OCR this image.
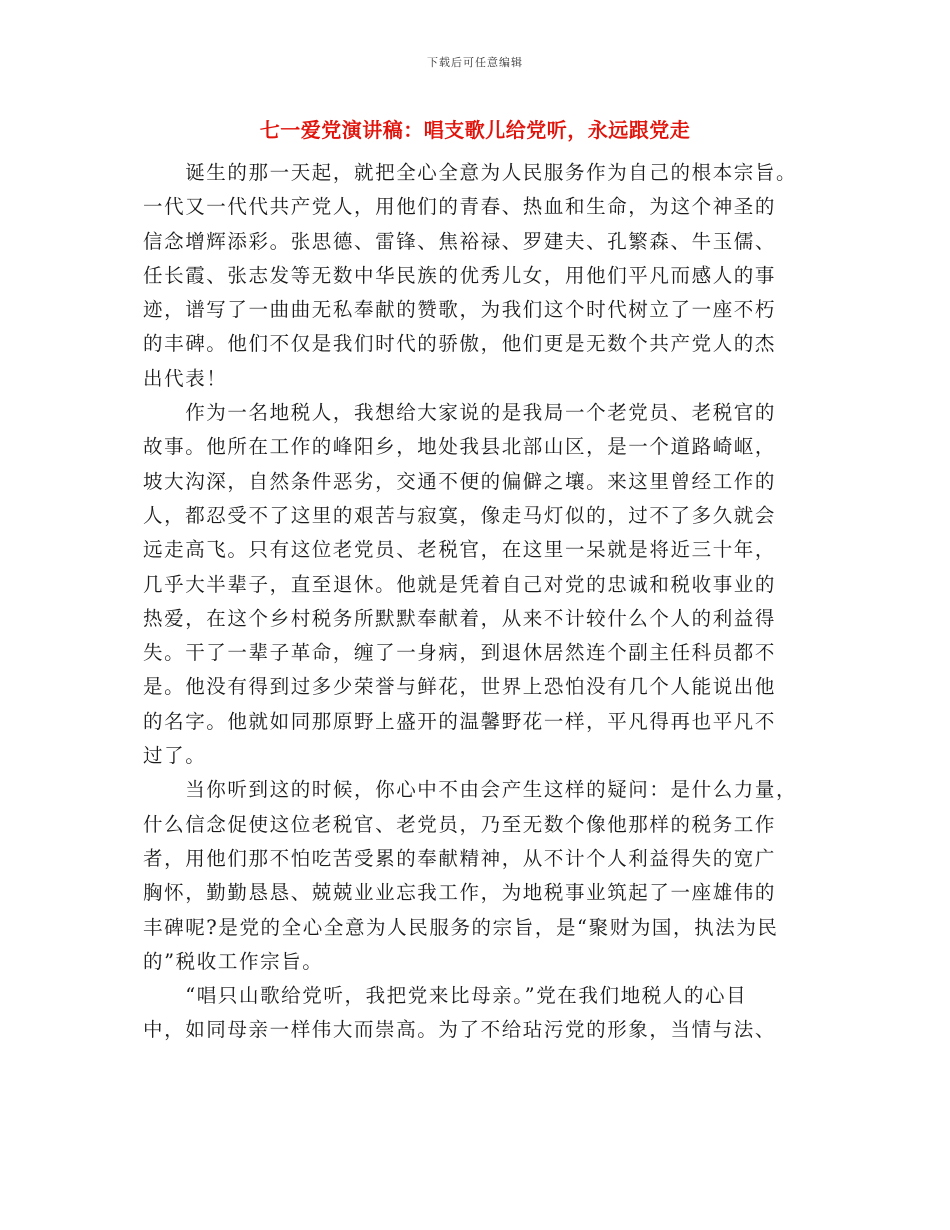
下载后可任意编辑
七一爱党演讲稿：唱支歌儿给党听，永远跟党走
　　诞生的那一天起，就把全心全意为人民服务作为自己的根本宗旨。
一代又一代代共产党人，用他们的青春、热血和生命，为这个神圣的
信念增辉添彩。张思德、雷锋、焦裕禄、罗建夫、孔繁森、牛玉儒、
任长霞、张志发等无数中华民族的优秀儿女，用他们平凡而感人的事
迹，谱写了一曲曲无私奉献的赞歌，为我们这个时代树立了一座不朽
的丰碑。他们不仅是我们时代的骄傲，他们更是无数个共产党人的杰
出代表！
　　作为一名地税人，我想给大家说的是我局一个老党员、老税官的
故事。他所在工作的峰阳乡，地处我县北部山区，是一个道路崎岖，
坡大沟深，自然条件恶劣，交通不便的偏僻之壤。来这里曾经工作的
人，都忍受不了这里的艰苦与寂寞，像走马灯似的，过不了多久就会
远走高飞。只有这位老党员、老税官，在这里一呆就是将近三十年，
几乎大半辈子，直至退休。他就是凭着自己对党的忠诚和税收事业的
热爱，在这个乡村税务所默默奉献着，从来不计较什么个人的利益得
失。干了一辈子革命，缠了一身病，到退休居然连个副主任科员都不
是。他没有得到过多少荣誉与鲜花，世界上恐怕没有几个人能说出他
的名字。他就如同那原野上盛开的温馨野花一样，平凡得再也平凡不
过了。
　　当你听到这的时候，你心中不由会产生这样的疑问：是什么力量，
什么信念促使这位老税官、老党员，乃至无数个像他那样的税务工作
者，用他们那不怕吃苦受累的奉献精神，从不计个人利益得失的宽广
胸怀，勤勤恳恳、兢兢业业忘我工作，为地税事业筑起了一座雄伟的
丰碑呢?是党的全心全意为人民服务的宗旨，是“聚财为国，执法为民
的”税收工作宗旨。
　　“唱只山歌给党听，我把党来比母亲。”党在我们地税人的心目
中，如同母亲一样伟大而崇高。为了不给玷污党的形象，当情与法、
